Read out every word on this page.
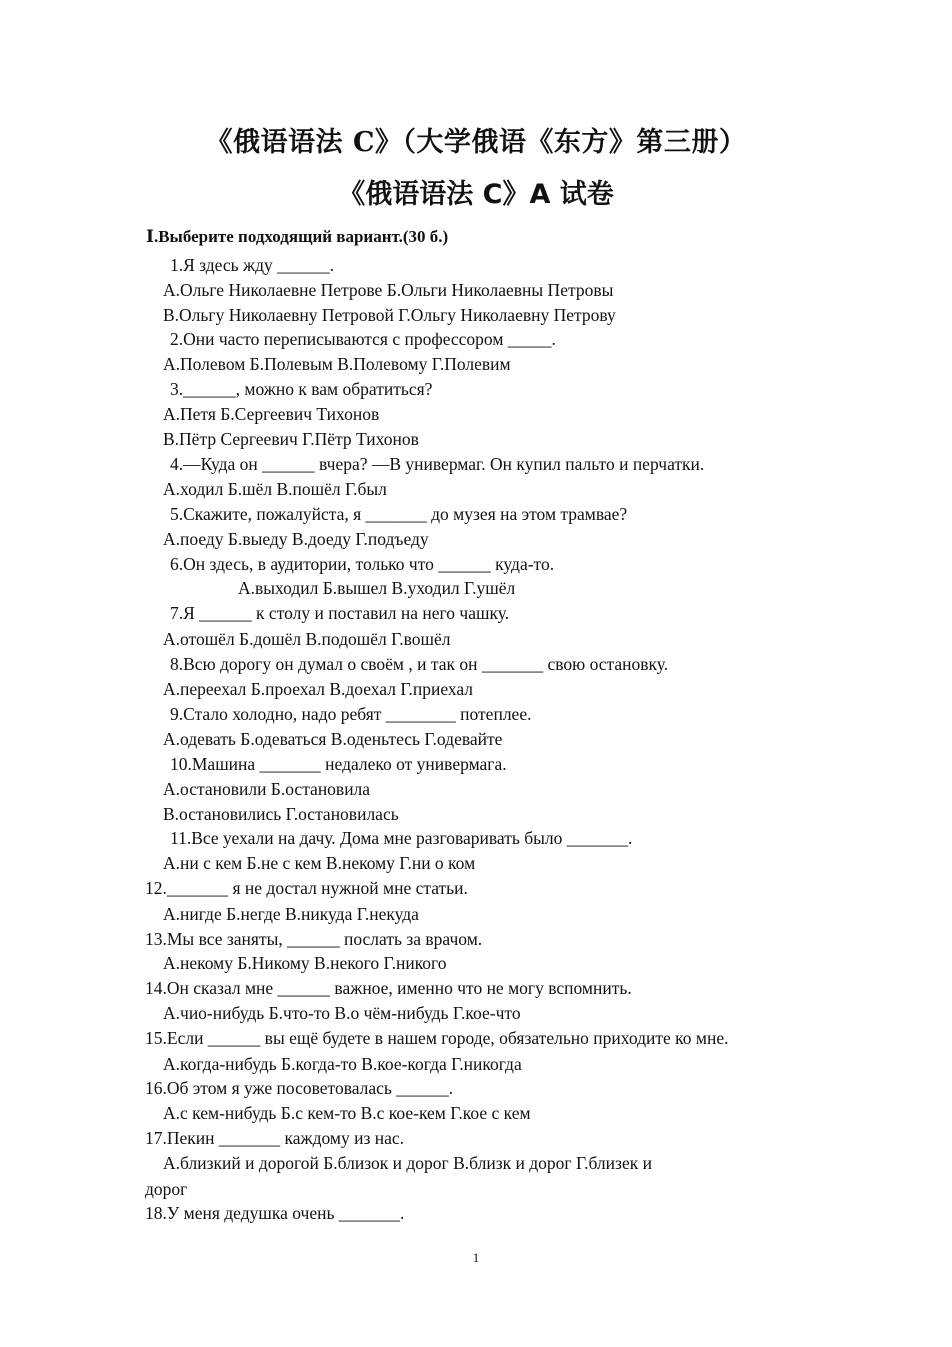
《俄语语法 C》（大学俄语《东方》第三册）
《俄语语法 C》A 试卷
Ⅰ.Выберите подходящий вариант.(30 б.)
1.Я здесь жду ______.
А.Ольге Николаевне Петрове Б.Ольги Николаевны Петровы
В.Ольгу Николаевну Петровой Г.Ольгу Николаевну Петрову
2.Они часто переписываются с профессором _____.
А.Полевом Б.Полевым В.Полевому Г.Полевим
3.______, можно к вам обратиться?
А.Петя Б.Сергеевич Тихонов
В.Пётр Сергеевич Г.Пётр Тихонов
4.—Куда он ______ вчера? —В универмаг. Он купил пальто и перчатки.
А.ходил Б.шёл В.пошёл Г.был
5.Скажите, пожалуйста, я _______ до музея на этом трамвае?
А.поеду Б.выеду В.доеду Г.подъеду
6.Он здесь, в аудитории, только что ______ куда-то.
А.выходил Б.вышел В.уходил Г.ушёл
7.Я ______ к столу и поставил на него чашку.
А.отошёл Б.дошёл В.подошёл Г.вошёл
8.Всю дорогу он думал о своём , и так он _______ свою остановку.
А.переехал Б.проехал В.доехал Г.приехал
9.Стало холодно, надо ребят ________ потеплее.
А.одевать Б.одеваться В.оденьтесь Г.одевайте
10.Машина _______ недалеко от универмага.
А.остановили Б.остановила
В.остановились Г.остановилась
11.Все уехали на дачу. Дома мне разговаривать было _______.
А.ни с кем Б.не с кем В.некому Г.ни о ком
12._______ я не достал нужной мне статьи.
А.нигде Б.негде В.никуда Г.некуда
13.Мы все заняты, ______ послать за врачом.
А.некому Б.Никому В.некого Г.никого
14.Он сказал мне ______ важное, именно что не могу вспомнить.
А.чио-нибудь Б.что-то В.о чём-нибудь Г.кое-что
15.Если ______ вы ещё будете в нашем городе, обязательно приходите ко мне.
А.когда-нибудь Б.когда-то В.кое-когда Г.никогда
16.Об этом я уже посоветовалась ______.
А.с кем-нибудь Б.с кем-то В.с кое-кем Г.кое с кем
17.Пекин _______ каждому из нас.
А.близкий и дорогой Б.близок и дорог В.близк и дорог Г.близек и
дорог
18.У меня дедушка очень _______.
1
